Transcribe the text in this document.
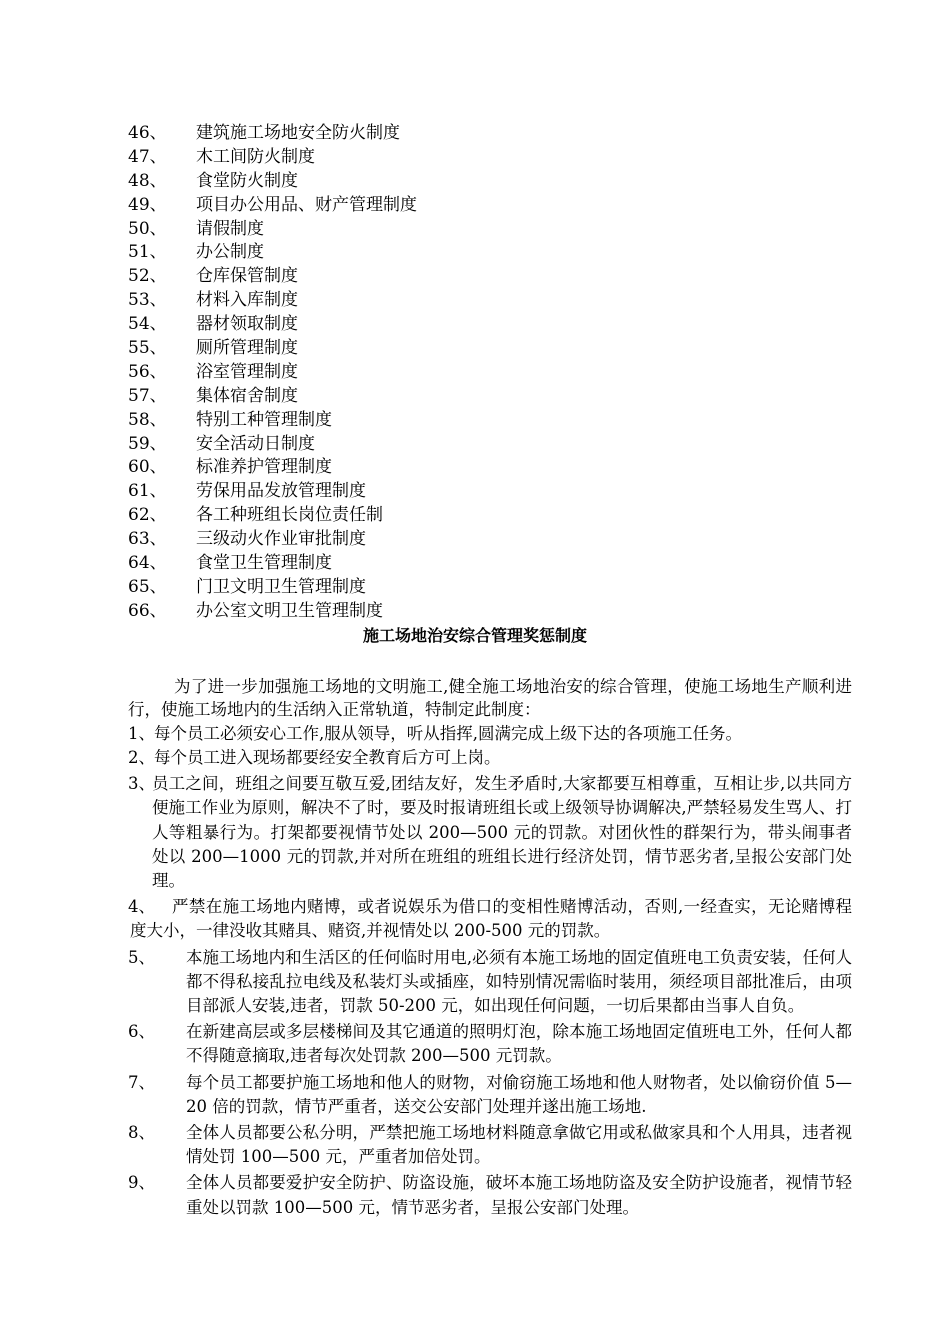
46、 建筑施工场地安全防火制度
47、 木工间防火制度
48、 食堂防火制度
49、 项目办公用品、财产管理制度
50、 请假制度
51、 办公制度
52、 仓库保管制度
53、 材料入库制度
54、 器材领取制度
55、 厕所管理制度
56、 浴室管理制度
57、 集体宿舍制度
58、 特别工种管理制度
59、 安全活动日制度
60、 标准养护管理制度
61、 劳保用品发放管理制度
62、 各工种班组长岗位责任制
63、 三级动火作业审批制度
64、 食堂卫生管理制度
65、 门卫文明卫生管理制度
66、 办公室文明卫生管理制度
施工场地治安综合管理奖惩制度

为了进一步加强施工场地的文明施工,健全施工场地治安的综合管理，使施工场地生产顺利进行，使施工场地内的生活纳入正常轨道，特制定此制度：

1、 每个员工必须安心工作,服从领导，听从指挥,圆满完成上级下达的各项施工任务。
2、 每个员工进入现场都要经安全教育后方可上岗。
3、
员工之间，班组之间要互敬互爱,团结友好，发生矛盾时,大家都要互相尊重，互相让步,以共同方便施工作业为原则，解决不了时，要及时报请班组长或上级领导协调解决,严禁轻易发生骂人、打人等粗暴行为。打架都要视情节处以 200—500 元的罚款。对团伙性的群架行为，带头闹事者处以 200—1000 元的罚款,并对所在班组的班组长进行经济处罚，情节恶劣者,呈报公安部门处理。
4、	严禁在施工场地内赌博，或者说娱乐为借口的变相性赌博活动，否则,一经查实，无论赌博程度大小，一律没收其赌具、赌资,并视情处以 200-500 元的罚款。
5、	本施工场地内和生活区的任何临时用电,必须有本施工场地的固定值班电工负责安装，任何人都不得私接乱拉电线及私装灯头或插座，如特别情况需临时装用，须经项目部批准后，由项目部派人安装,违者，罚款 50-200 元，如出现任何问题，一切后果都由当事人自负。
6、	在新建高层或多层楼梯间及其它通道的照明灯泡，除本施工场地固定值班电工外，任何人都不得随意摘取,违者每次处罚款 200—500 元罚款。
7、	每个员工都要护施工场地和他人的财物，对偷窃施工场地和他人财物者，处以偷窃价值 5—20 倍的罚款，情节严重者，送交公安部门处理并遂出施工场地.
8、	全体人员都要公私分明，严禁把施工场地材料随意拿做它用或私做家具和个人用具，违者视情处罚 100—500 元，严重者加倍处罚。
9、	全体人员都要爱护安全防护、防盗设施，破坏本施工场地防盗及安全防护设施者，视情节轻重处以罚款 100—500 元，情节恶劣者，呈报公安部门处理。
